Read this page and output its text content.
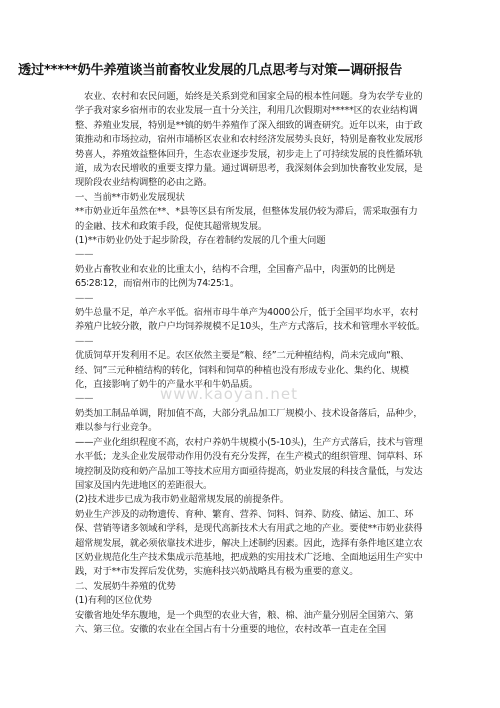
透过*****奶牛养殖谈当前畜牧业发展的几点思考与对策—调研报告
www.kaoyan.net

农业、农村和农民问题，始终是关系到党和国家全局的根本性问题。身为农学专业的学子我对家乡宿州市的农业发展一直十分关注，利用几次假期对*****区的农业结构调整、养殖业发展，特别是**镇的奶牛养殖作了深入细致的调查研究。近年以来，由于政策推动和市场拉动，宿州市埇桥区农业和农村经济发展势头良好，特别是畜牧业发展形势喜人，养殖效益整体回升，生态农业逐步发展，初步走上了可持续发展的良性循环轨道，成为农民增收的重要支撑力量。通过调研思考，我深刻体会到加快畜牧业发展，是现阶段农业结构调整的必由之路。

一、当前**市奶业发展现状

**市奶业近年虽然在**、*县等区县有所发展，但整体发展仍较为滞后，需采取强有力的金融、技术和政策手段，促使其超常规发展。

(1)**市奶业仍处于起步阶段，存在着制约发展的几个重大问题

——

奶业占畜牧业和农业的比重太小，结构不合理，全国畜产品中，肉蛋奶的比例是65∶28∶12，而宿州市的比例为74∶25∶1。

——

奶牛总量不足，单产水平低。宿州市母牛单产为4000公斤，低于全国平均水平，农村养殖户比较分散，散户户均饲养规模不足10头，生产方式落后，技术和管理水平较低。

——

优质饲草开发利用不足。农区依然主要是“粮、经”二元种植结构，尚未完成向“粮、经、饲”三元种植结构的转化，饲料和饲草的种植也没有形成专业化、集约化、规模化，直接影响了奶牛的产量水平和牛奶品质。

——

奶类加工制品单调，附加值不高，大部分乳品加工厂规模小、技术设备落后，品种少，难以参与行业竞争。

——产业化组织程度不高，农村户养奶牛规模小(5-10头)，生产方式落后，技术与管理水平低；龙头企业发展带动作用仍没有充分发挥，在生产模式的组织管理、饲草料、环境控制及防疫和奶产品加工等技术应用方面亟待提高，奶业发展的科技含量低，与发达国家及国内先进地区的差距很大。

(2)技术进步已成为我市奶业超常规发展的前提条件。

奶业生产涉及的动物遗传、育种、繁育、营养、饲料、饲养、防疫、储运、加工、环保、营销等诸多领域和学科，是现代高新技术大有用武之地的产业。要使**市奶业获得超常规发展，就必须依靠技术进步，解决上述制约因素。因此，选择有条件地区建立农区奶业规范化生产技术集成示范基地，把成熟的实用技术广泛地、全面地运用生产实中践，对于**市发挥后发优势，实施科技兴奶战略具有极为重要的意义。

二、发展奶牛养殖的优势

(1)有利的区位优势

安徽省地处华东腹地，是一个典型的农业大省，粮、棉、油产量分别居全国第六、第六、第三位。安徽的农业在全国占有十分重要的地位，农村改革一直走在全国
